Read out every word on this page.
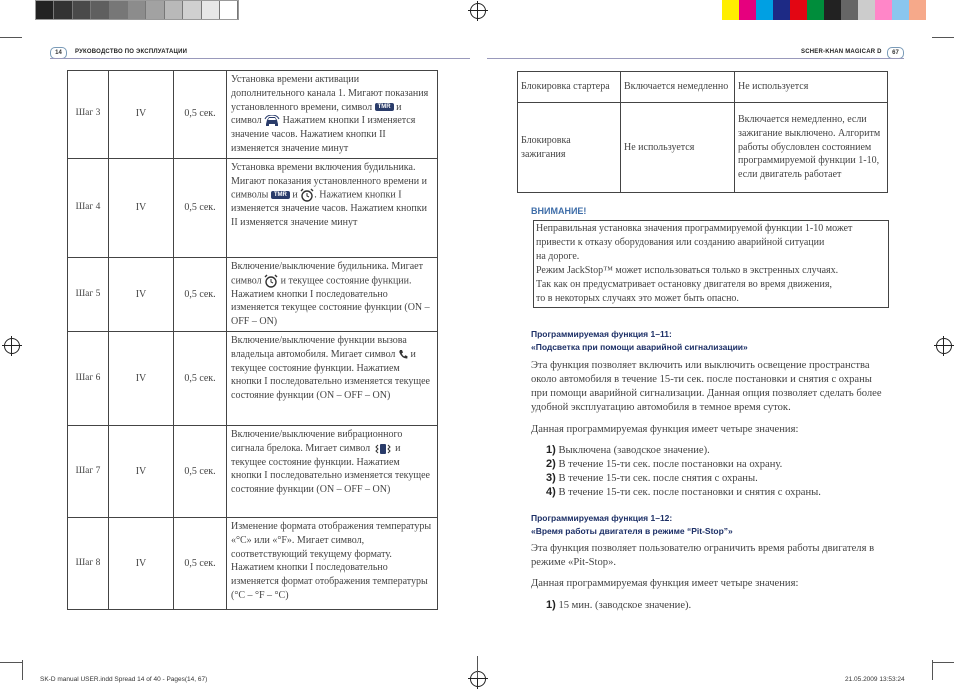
14	РУКОВОДСТВО ПО ЭКСПЛУАТАЦИИ	SCHER-KHAN MAGICAR D	67
Шаг 3	IV	0,5 сек.	Установка времени активации дополнительного канала 1. Мигают показания установленного времени, символ TMR и символ Нажатием кнопки I изменяется значение часов. Нажатием кнопки II изменяется значение минут
Шаг 4	IV	0,5 сек.	Установка времени включения будильника. Мигают показания установленного времени и символы TMR и . Нажатием кнопки I изменяется значение часов. Нажатием кнопки II изменяется значение минут
Шаг 5	IV	0,5 сек.	Включение/выключение будильника. Мигает символ и текущее состояние функции. Нажатием кнопки I последовательно изменяется текущее состояние функции (ON – OFF – ON)
Шаг 6	IV	0,5 сек.	Включение/выключение функции вызова владельца автомобиля. Мигает символ и текущее состояние функции. Нажатием кнопки I последовательно изменяется текущее состояние функции (ON – OFF – ON)
Шаг 7	IV	0,5 сек.	Включение/выключение вибрационного сигнала брелока. Мигает символ и текущее состояние функции. Нажатием кнопки I последовательно изменяется текущее состояние функции (ON – OFF – ON)
Шаг 8	IV	0,5 сек.	Изменение формата отображения температуры «°C» или «°F». Мигает символ, соответствующий текущему формату. Нажатием кнопки I последовательно изменяется формат отображения температуры (°C – °F – °C)
Блокировка стартера	Включается немедленно	Не используется
Блокировка зажигания	Не используется	Включается немедленно, если зажигание выключено. Алгоритм работы обусловлен состоянием программируемой функции 1-10, если двигатель работает
ВНИМАНИЕ!
Неправильная установка значения программируемой функции 1-10 может
привести к отказу оборудования или созданию аварийной ситуации
на дороге.
Режим JackStop™ может использоваться только в экстренных случаях.
Так как он предусматривает остановку двигателя во время движения,
то в некоторых случаях это может быть опасно.
Программируемая функция 1–11:
«Подсветка при помощи аварийной сигнализации»
Эта функция позволяет включить или выключить освещение пространства около автомобиля в течение 15-ти сек. после постановки и снятия с охраны при помощи аварийной сигнализации. Данная опция позволяет сделать более удобной эксплуатацию автомобиля в темное время суток.
Данная программируемая функция имеет четыре значения:
1) Выключена (заводское значение).
2) В течение 15-ти сек. после постановки на охрану.
3) В течение 15-ти сек. после снятия с охраны.
4) В течение 15-ти сек. после постановки и снятия с охраны.
Программируемая функция 1–12:
«Время работы двигателя в режиме “Pit-Stop”»
Эта функция позволяет пользователю ограничить время работы двигателя в режиме «Pit-Stop».
Данная программируемая функция имеет четыре значения:
1) 15 мин. (заводское значение).
SK-D manual USER.indd Spread 14 of 40 - Pages(14, 67)	21.05.2009 13:53:24
